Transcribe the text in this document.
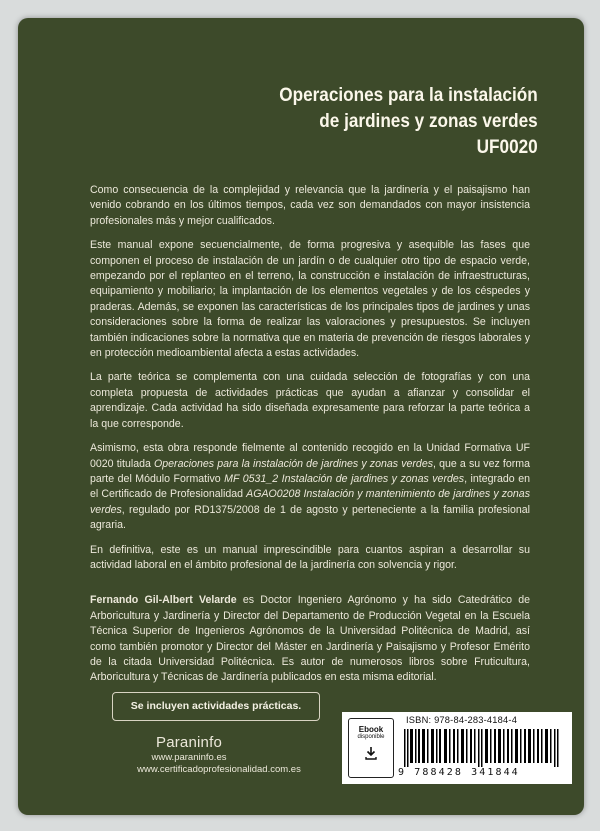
Operaciones para la instalación
de jardines y zonas verdes
UF0020

Como consecuencia de la complejidad y relevancia que la jardinería y el paisajismo han venido cobrando en los últimos tiempos, cada vez son demandados con mayor insistencia profesionales más y mejor cualificados.

Este manual expone secuencialmente, de forma progresiva y asequible las fases que componen el proceso de instalación de un jardín o de cualquier otro tipo de espacio verde, empezando por el replanteo en el terreno, la construcción e instalación de infraestructuras, equipamiento y mobiliario; la implantación de los elementos vegetales y de los céspedes y praderas. Además, se exponen las características de los principales tipos de jardines y unas consideraciones sobre la forma de realizar las valoraciones y presupuestos. Se incluyen también indicaciones sobre la normativa que en materia de prevención de riesgos laborales y en protección medioambiental afecta a estas actividades.

La parte teórica se complementa con una cuidada selección de fotografías y con una completa propuesta de actividades prácticas que ayudan a afianzar y consolidar el aprendizaje. Cada actividad ha sido diseñada expresamente para reforzar la parte teórica a la que corresponde.

Asimismo, esta obra responde fielmente al contenido recogido en la Unidad Formativa UF 0020 titulada Operaciones para la instalación de jardines y zonas verdes, que a su vez forma parte del Módulo Formativo MF 0531_2 Instalación de jardines y zonas verdes, integrado en el Certificado de Profesionalidad AGAO0208 Instalación y mantenimiento de jardines y zonas verdes, regulado por RD1375/2008 de 1 de agosto y perteneciente a la familia profesional agraria.

En definitiva, este es un manual imprescindible para cuantos aspiran a desarrollar su actividad laboral en el ámbito profesional de la jardinería con solvencia y rigor.

Fernando Gil-Albert Velarde es Doctor Ingeniero Agrónomo y ha sido Catedrático de Arboricultura y Jardinería y Director del Departamento de Producción Vegetal en la Escuela Técnica Superior de Ingenieros Agrónomos de la Universidad Politécnica de Madrid, así como también promotor y Director del Máster en Jardinería y Paisajismo y Profesor Emérito de la citada Universidad Politécnica. Es autor de numerosos libros sobre Fruticultura, Arboricultura y Técnicas de Jardinería publicados en esta misma editorial.

Se incluyen actividades prácticas.
Paraninfo
www.paraninfo.es
www.certificadoprofesionalidad.com.es
Ebook
disponible
ISBN: 978-84-283-4184-4
9 788428 341844
